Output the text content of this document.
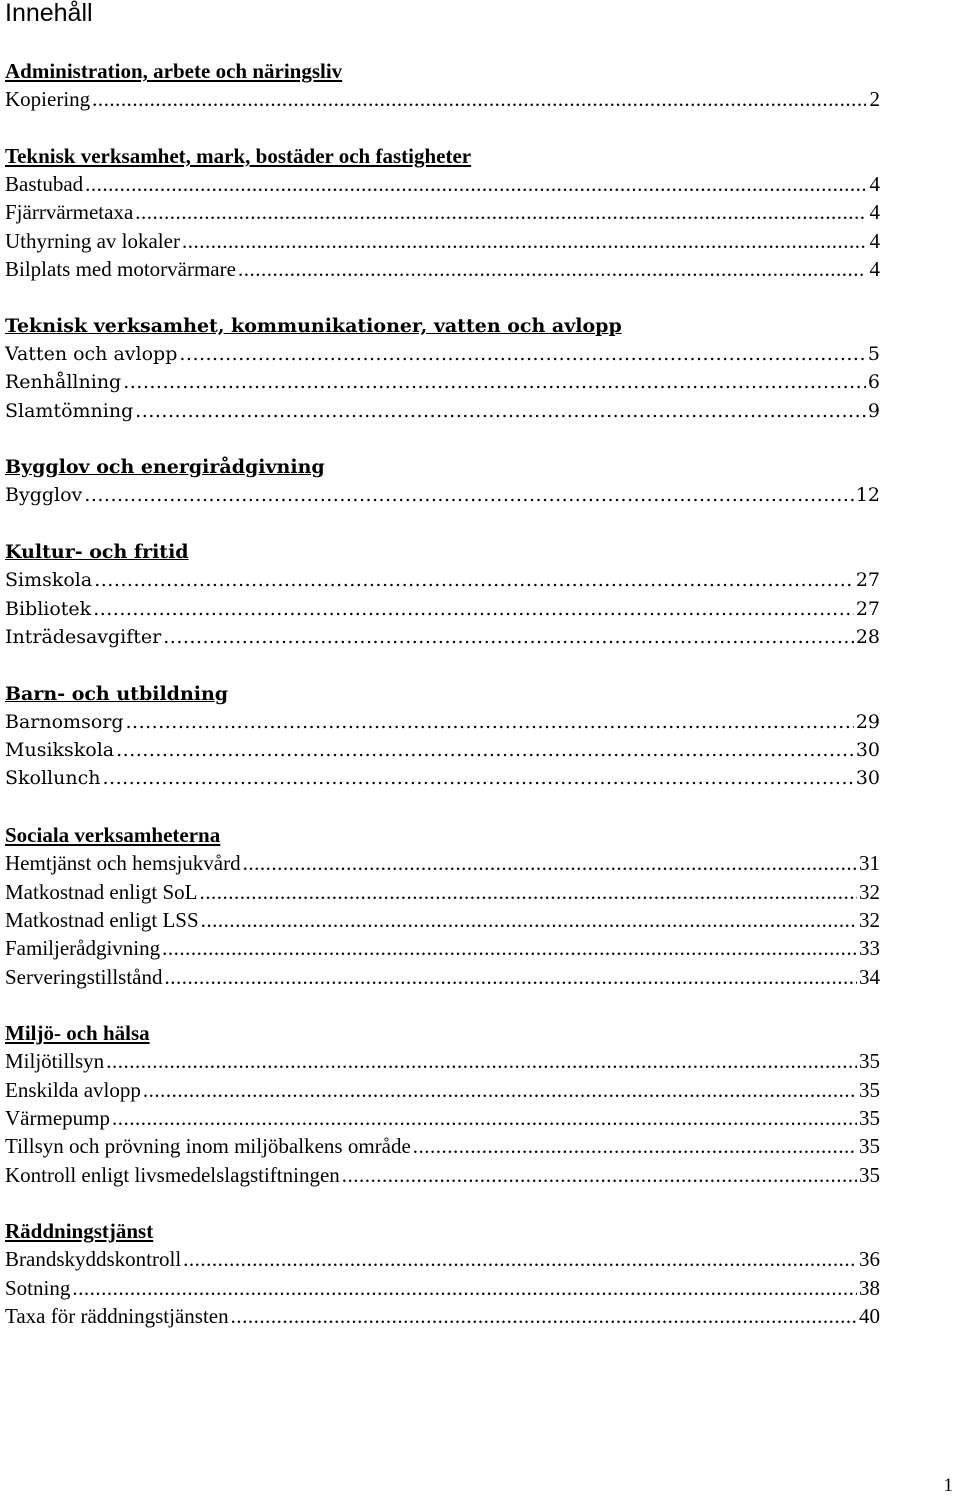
Innehåll
Administration, arbete och näringsliv
Kopiering .....	2
Teknisk verksamhet, mark, bostäder och fastigheter
Bastubad .....	4
Fjärrvärmetaxa .....	4
Uthyrning av lokaler .....	4
Bilplats med motorvärmare .....	4
Teknisk verksamhet, kommunikationer, vatten och avlopp
Vatten och avlopp .....	5
Renhållning .....	6
Slamtömning .....	9
Bygglov och energirådgivning
Bygglov .....	12
Kultur- och fritid
Simskola .....	27
Bibliotek .....	27
Inträdesavgifter .....	28
Barn- och utbildning
Barnomsorg .....	29
Musikskola .....	30
Skollunch .....	30
Sociala verksamheterna
Hemtjänst och hemsjukvård .....	31
Matkostnad enligt SoL .....	32
Matkostnad enligt LSS .....	32
Familjerådgivning .....	33
Serveringstillstånd .....	34
Miljö- och hälsa
Miljötillsyn .....	35
Enskilda avlopp .....	35
Värmepump .....	35
Tillsyn och prövning inom miljöbalkens område .....	35
Kontroll enligt livsmedelslagstiftningen .....	35
Räddningstjänst
Brandskyddskontroll .....	36
Sotning .....	38
Taxa för räddningstjänsten .....	40
1
